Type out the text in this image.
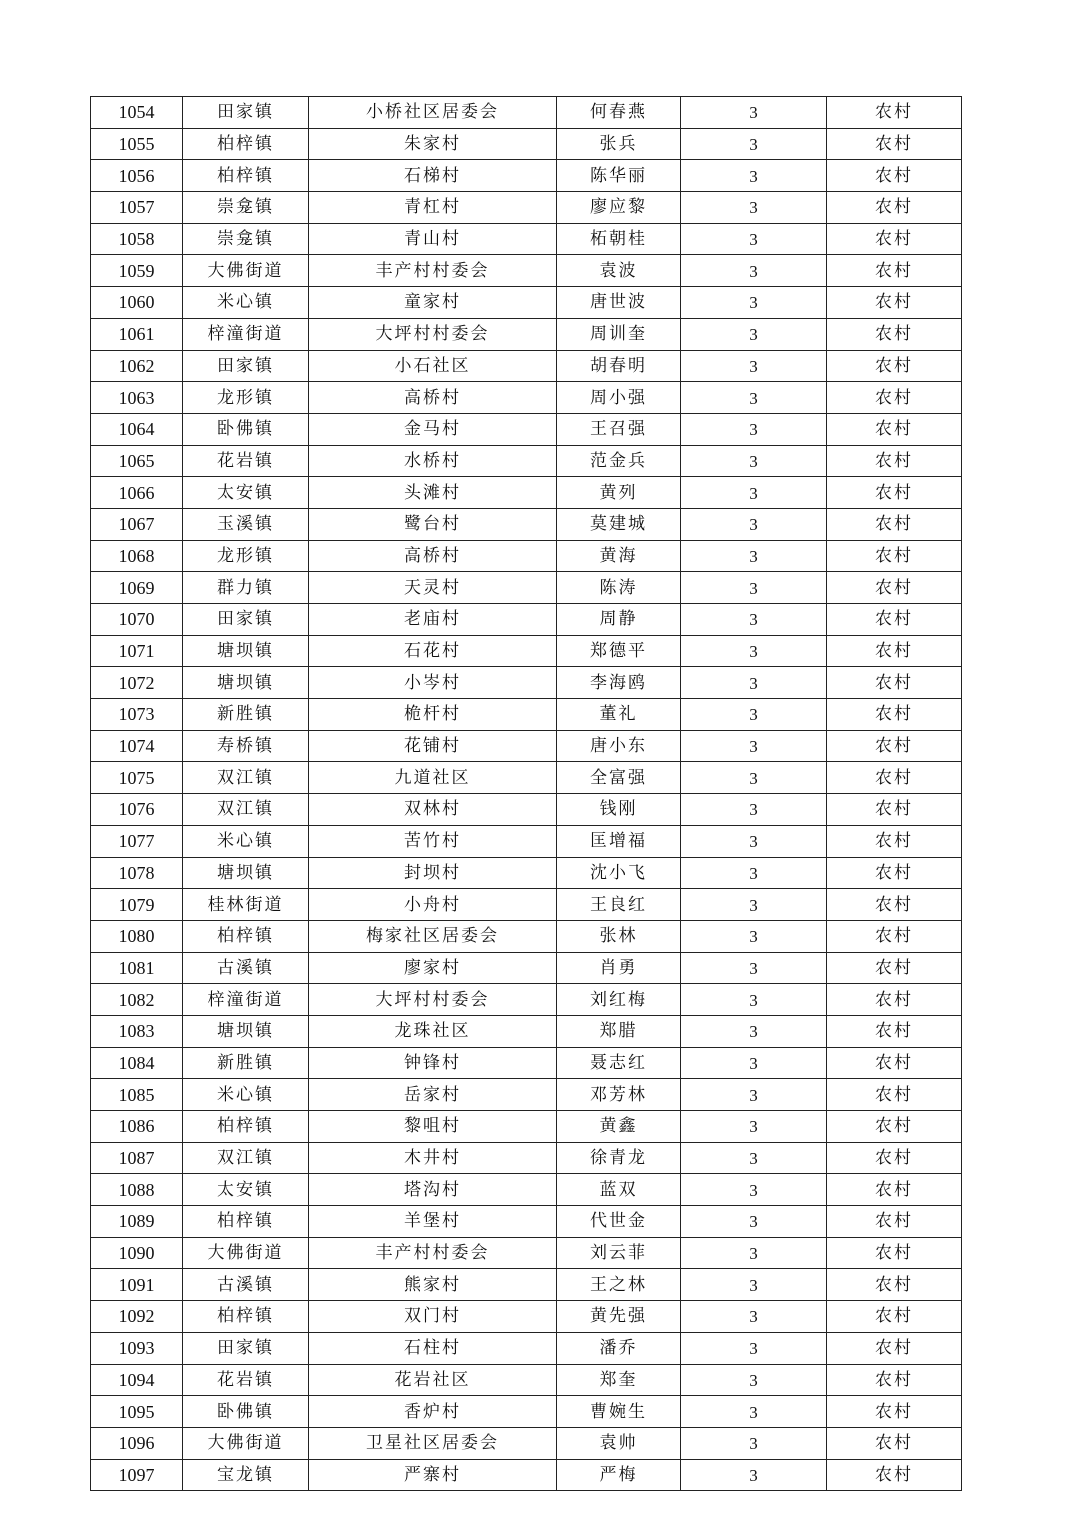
1054	田家镇	小桥社区居委会	何春燕	3	农村
1055	柏梓镇	朱家村	张兵	3	农村
1056	柏梓镇	石梯村	陈华丽	3	农村
1057	崇龛镇	青杠村	廖应黎	3	农村
1058	崇龛镇	青山村	柘朝桂	3	农村
1059	大佛街道	丰产村村委会	袁波	3	农村
1060	米心镇	童家村	唐世波	3	农村
1061	梓潼街道	大坪村村委会	周训奎	3	农村
1062	田家镇	小石社区	胡春明	3	农村
1063	龙形镇	高桥村	周小强	3	农村
1064	卧佛镇	金马村	王召强	3	农村
1065	花岩镇	水桥村	范金兵	3	农村
1066	太安镇	头滩村	黄列	3	农村
1067	玉溪镇	鹭台村	莫建城	3	农村
1068	龙形镇	高桥村	黄海	3	农村
1069	群力镇	天灵村	陈涛	3	农村
1070	田家镇	老庙村	周静	3	农村
1071	塘坝镇	石花村	郑德平	3	农村
1072	塘坝镇	小岑村	李海鸥	3	农村
1073	新胜镇	桅杆村	董礼	3	农村
1074	寿桥镇	花铺村	唐小东	3	农村
1075	双江镇	九道社区	全富强	3	农村
1076	双江镇	双林村	钱刚	3	农村
1077	米心镇	苦竹村	匡增福	3	农村
1078	塘坝镇	封坝村	沈小飞	3	农村
1079	桂林街道	小舟村	王良红	3	农村
1080	柏梓镇	梅家社区居委会	张林	3	农村
1081	古溪镇	廖家村	肖勇	3	农村
1082	梓潼街道	大坪村村委会	刘红梅	3	农村
1083	塘坝镇	龙珠社区	郑腊	3	农村
1084	新胜镇	钟锋村	聂志红	3	农村
1085	米心镇	岳家村	邓芳林	3	农村
1086	柏梓镇	黎咀村	黄鑫	3	农村
1087	双江镇	木井村	徐青龙	3	农村
1088	太安镇	塔沟村	蓝双	3	农村
1089	柏梓镇	羊堡村	代世金	3	农村
1090	大佛街道	丰产村村委会	刘云菲	3	农村
1091	古溪镇	熊家村	王之林	3	农村
1092	柏梓镇	双门村	黄先强	3	农村
1093	田家镇	石柱村	潘乔	3	农村
1094	花岩镇	花岩社区	郑奎	3	农村
1095	卧佛镇	香炉村	曹婉生	3	农村
1096	大佛街道	卫星社区居委会	袁帅	3	农村
1097	宝龙镇	严寨村	严梅	3	农村
